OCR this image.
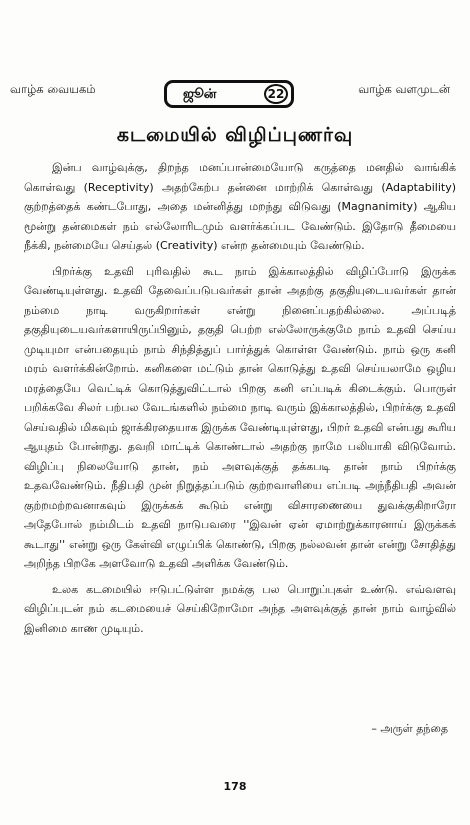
வாழ்க வையகம்	ஜூன்	22	வாழ்க வளமுடன்
கடமையில் விழிப்புணர்வு

இன்ப வாழ்வுக்கு, திறந்த மனப்பான்மையோடு கருத்தை மனதில் வாங்கிக் கொள்வது (Receptivity) அதற்கேற்ப தன்னை மாற்றிக் கொள்வது (Adaptability) குற்றத்தைக் கண்டபோது, அதை மன்னித்து மறந்து விடுவது (Magnanimity) ஆகிய மூன்று தன்மைகள் நம் எல்லோரிடமும் வளர்க்கப்பட வேண்டும். இதோடு தீமையை நீக்கி, நன்மையே செய்தல் (Creativity) என்ற தன்மையும் வேண்டும்.

பிறர்க்கு உதவி புரிவதில் கூட நாம் இக்காலத்தில் விழிப்போடு இருக்க வேண்டியுள்ளது. உதவி தேவைப்படுபவர்கள் தான் அதற்கு தகுதியுடையவர்கள் தான் நம்மை நாடி வருகிறார்கள் என்று நினைப்பதற்கில்லை. அப்படித் தகுதியுடையவர்களாயிருப்பினும், தகுதி பெற்ற எல்லோருக்குமே நாம் உதவி செய்ய முடியுமா என்பதையும் நாம் சிந்தித்துப் பார்த்துக் கொள்ள வேண்டும். நாம் ஒரு கனி மரம் வளர்க்கின்றோம். கனிகளை மட்டும் தான் கொடுத்து உதவி செய்யலாமே ஒழிய மரத்தையே வெட்டிக் கொடுத்துவிட்டால் பிறகு கனி எப்படிக் கிடைக்கும். பொருள் பறிக்கவே சிலர் பற்பல வேடங்களில் நம்மை நாடி வரும் இக்காலத்தில், பிறர்க்கு உதவி செய்வதில் மிகவும் ஜாக்கிரதையாக இருக்க வேண்டியுள்ளது, பிறர் உதவி என்பது கூரிய ஆயுதம் போன்றது. தவறி மாட்டிக் கொண்டால் அதற்கு நாமே பலியாகி விடுவோம். விழிப்பு நிலையோடு தான், நம் அளவுக்குத் தக்கபடி தான் நாம் பிறர்க்கு உதவவேண்டும். நீதிபதி முன் நிறுத்தப்படும் குற்றவாளியை எப்படி அந்நீதிபதி அவன் குற்றமற்றவனாகவும் இருக்கக் கூடும் என்று விசாரணையை துவக்குகிறாரோ அதேபோல் நம்மிடம் உதவி நாடுபவரை ''இவன் ஏன் ஏமாற்றுக்காரனாய் இருக்கக் கூடாது'' என்று ஒரு கேள்வி எழுப்பிக் கொண்டு, பிறகு நல்லவன் தான் என்று சோதித்து அறிந்த பிறகே அளவோடு உதவி அளிக்க வேண்டும்.

உலக கடமையில் ஈடுபட்டுள்ள நமக்கு பல பொறுப்புகள் உண்டு. எவ்வளவு விழிப்புடன் நம் கடமையைச் செய்கிறோமோ அந்த அளவுக்குத் தான் நாம் வாழ்வில் இனிமை காண முடியும்.

– அருள் தந்தை
178
